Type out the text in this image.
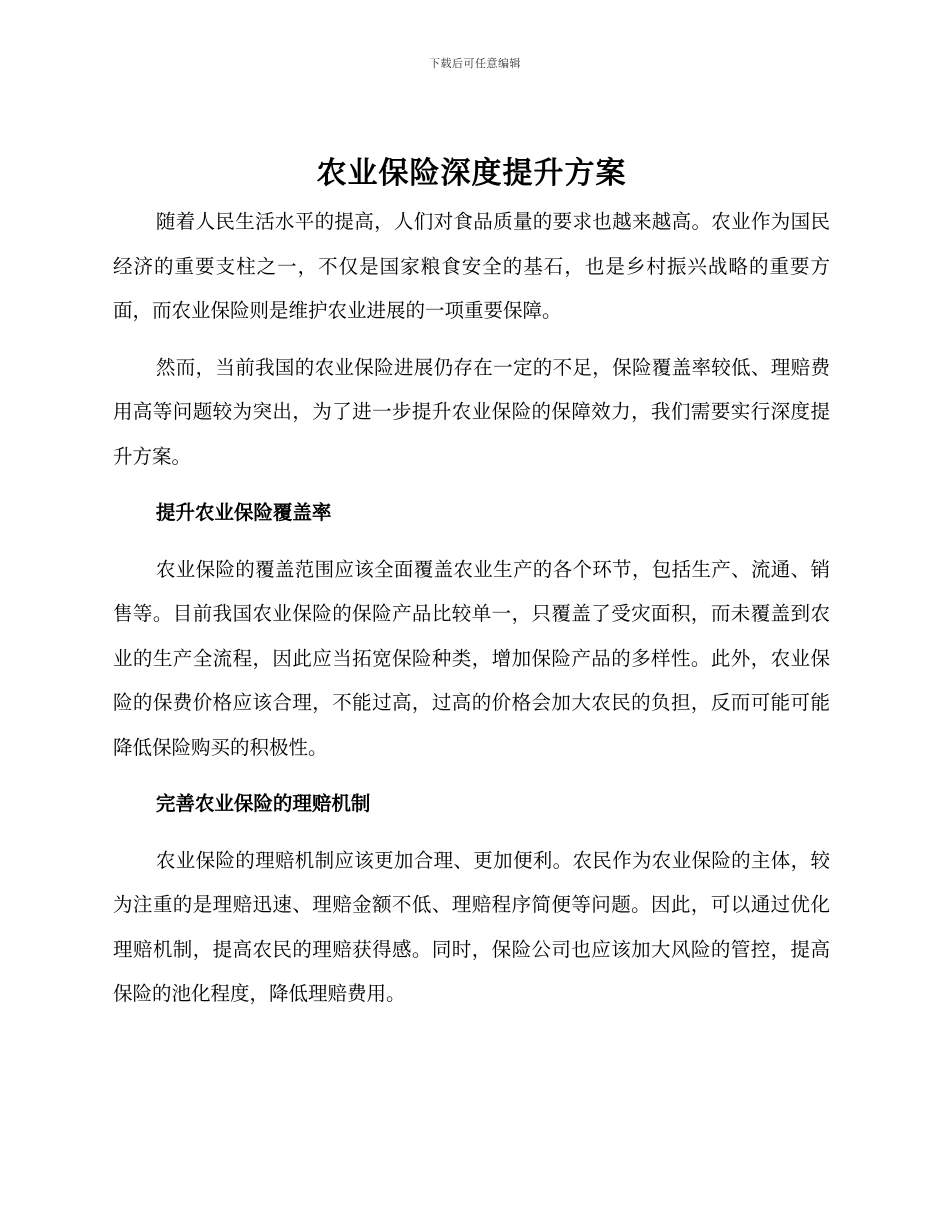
下载后可任意编辑
农业保险深度提升方案

随着人民生活水平的提高，人们对食品质量的要求也越来越高。农业作为国民经济的重要支柱之一，不仅是国家粮食安全的基石，也是乡村振兴战略的重要方面，而农业保险则是维护农业进展的一项重要保障。

然而，当前我国的农业保险进展仍存在一定的不足，保险覆盖率较低、理赔费用高等问题较为突出，为了进一步提升农业保险的保障效力，我们需要实行深度提升方案。

提升农业保险覆盖率

农业保险的覆盖范围应该全面覆盖农业生产的各个环节，包括生产、流通、销售等。目前我国农业保险的保险产品比较单一，只覆盖了受灾面积，而未覆盖到农业的生产全流程，因此应当拓宽保险种类，增加保险产品的多样性。此外，农业保险的保费价格应该合理，不能过高，过高的价格会加大农民的负担，反而可能可能降低保险购买的积极性。

完善农业保险的理赔机制

农业保险的理赔机制应该更加合理、更加便利。农民作为农业保险的主体，较为注重的是理赔迅速、理赔金额不低、理赔程序简便等问题。因此，可以通过优化理赔机制，提高农民的理赔获得感。同时，保险公司也应该加大风险的管控，提高保险的池化程度，降低理赔费用。
